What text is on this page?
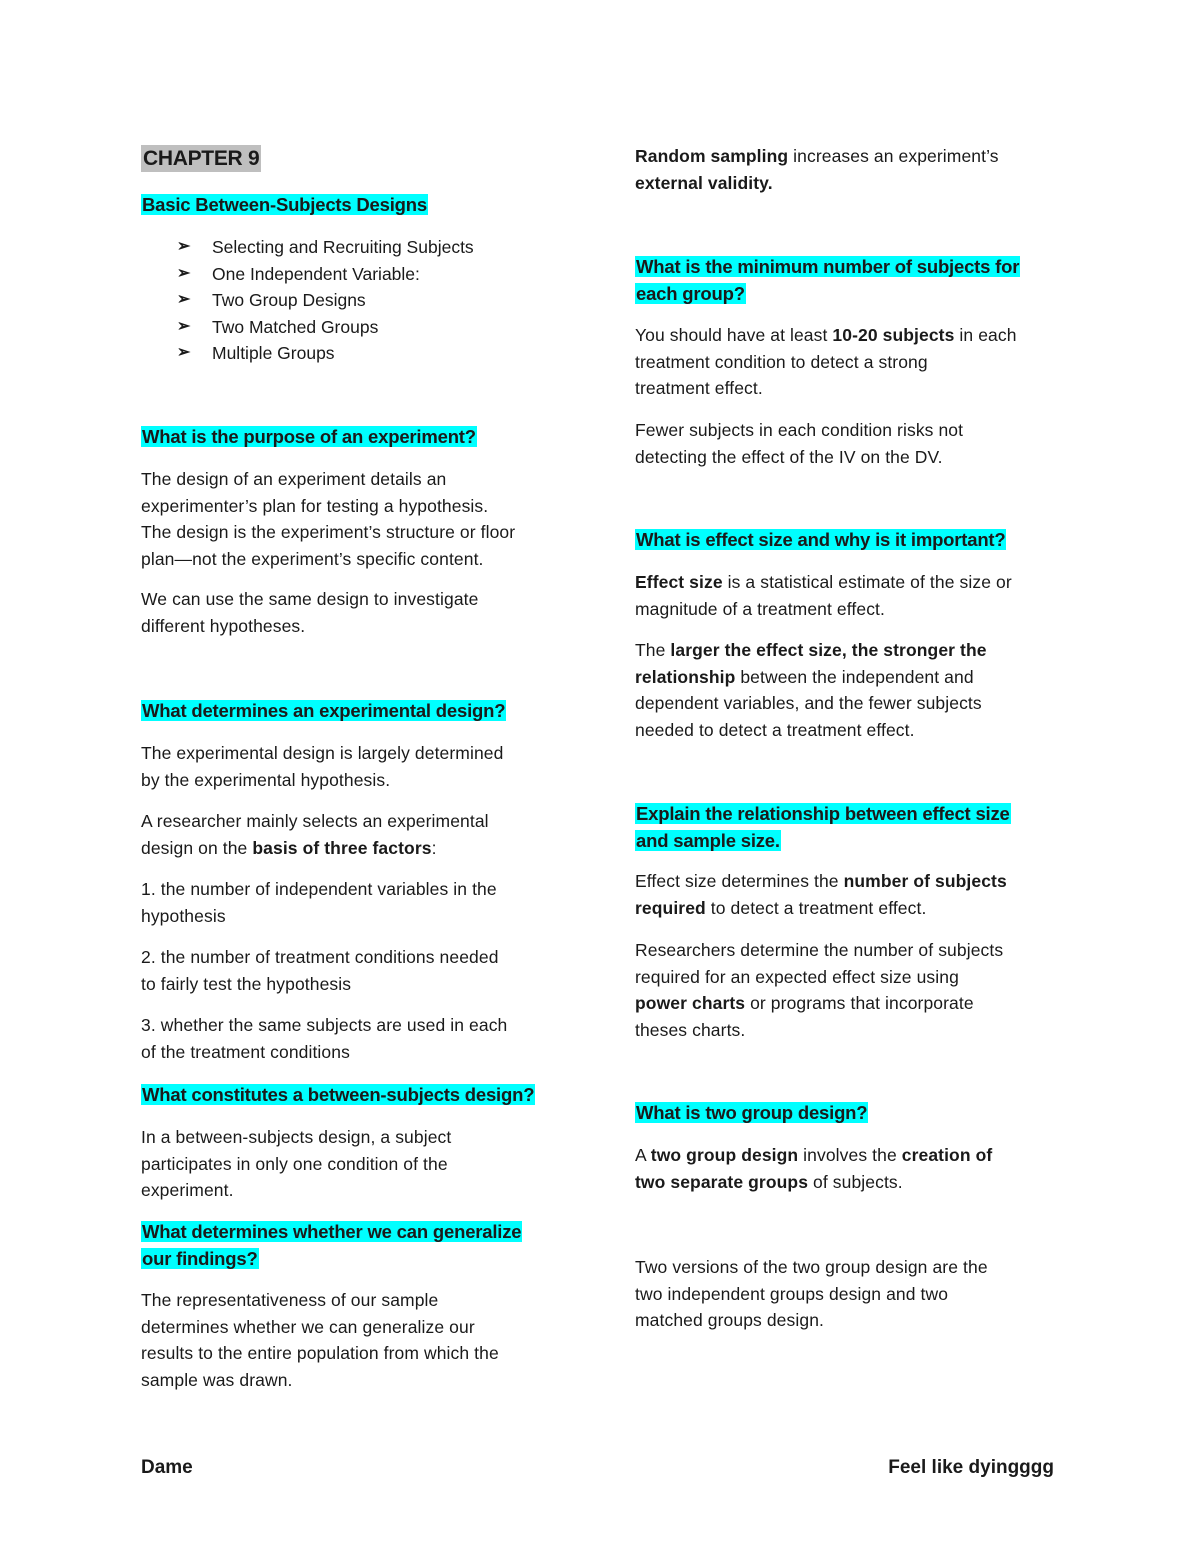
CHAPTER 9
Basic Between-Subjects Designs
➢ Selecting and Recruiting Subjects
➢ One Independent Variable:
➢ Two Group Designs
➢ Two Matched Groups
➢ Multiple Groups
What is the purpose of an experiment?
The design of an experiment details an
experimenter’s plan for testing a hypothesis.
The design is the experiment’s structure or floor
plan—not the experiment’s specific content.
We can use the same design to investigate
different hypotheses.
What determines an experimental design?
The experimental design is largely determined
by the experimental hypothesis.
A researcher mainly selects an experimental
design on the basis of three factors:
1. the number of independent variables in the
hypothesis
2. the number of treatment conditions needed
to fairly test the hypothesis
3. whether the same subjects are used in each
of the treatment conditions
What constitutes a between-subjects design?
In a between-subjects design, a subject
participates in only one condition of the
experiment.
What determines whether we can generalize
our findings?
The representativeness of our sample
determines whether we can generalize our
results to the entire population from which the
sample was drawn.
Random sampling increases an experiment’s
external validity.
What is the minimum number of subjects for
each group?
You should have at least 10-20 subjects in each
treatment condition to detect a strong
treatment effect.
Fewer subjects in each condition risks not
detecting the effect of the IV on the DV.
What is effect size and why is it important?
Effect size is a statistical estimate of the size or
magnitude of a treatment effect.
The larger the effect size, the stronger the
relationship between the independent and
dependent variables, and the fewer subjects
needed to detect a treatment effect.
Explain the relationship between effect size
and sample size.
Effect size determines the number of subjects
required to detect a treatment effect.
Researchers determine the number of subjects
required for an expected effect size using
power charts or programs that incorporate
theses charts.
What is two group design?
A two group design involves the creation of
two separate groups of subjects.
Two versions of the two group design are the
two independent groups design and two
matched groups design.
Dame	Feel like dyingggg
